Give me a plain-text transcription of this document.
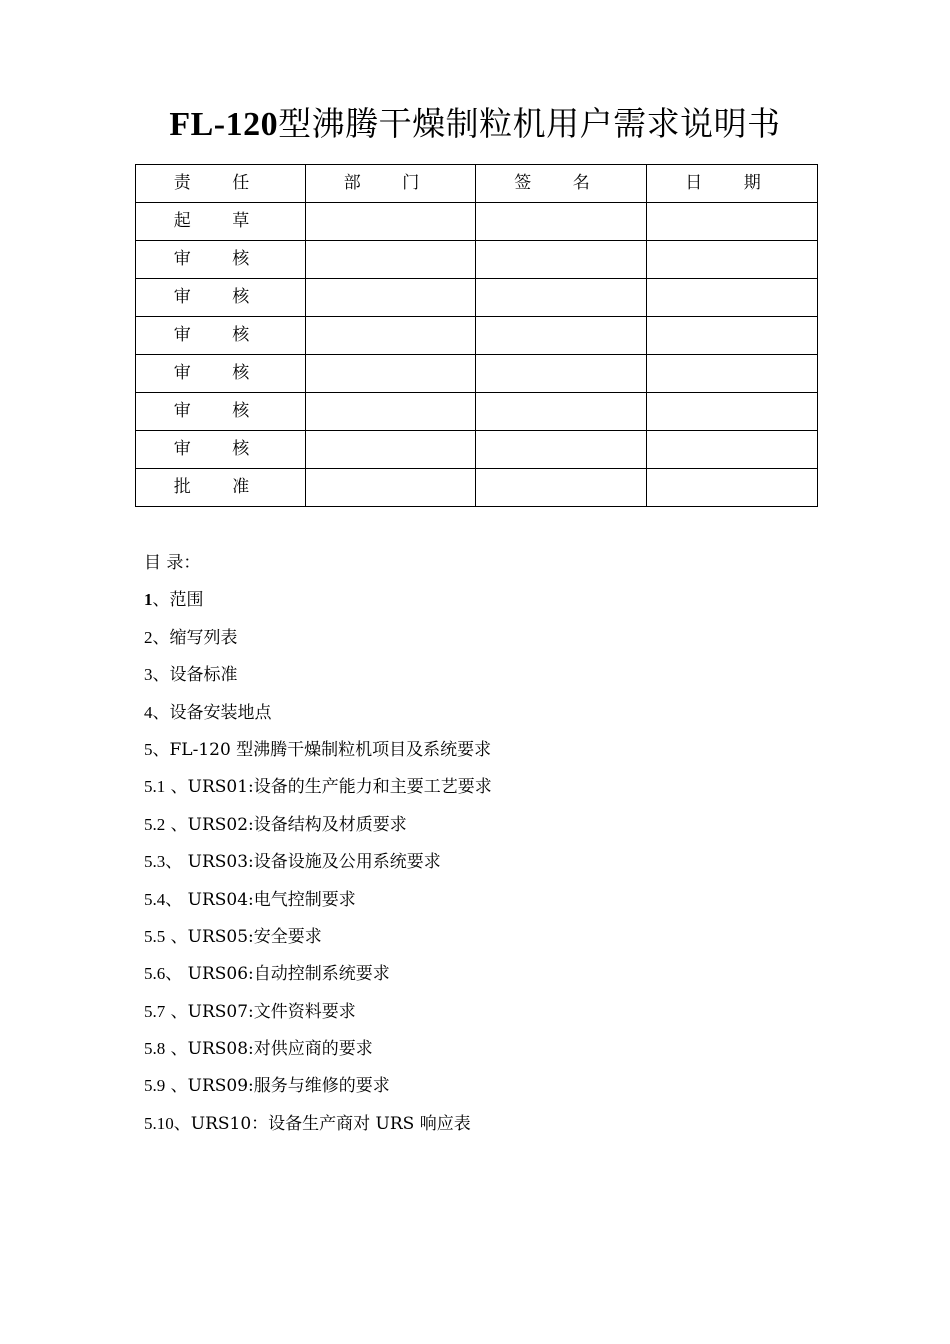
FL-120型沸腾干燥制粒机用户需求说明书
责 任	部 门	签 名	日 期
起 草			
审 核			
审 核			
审 核			
审 核			
审 核			
审 核			
批 准			
目 录：
1、范围
2、缩写列表
3、设备标准
4、设备安装地点
5、FL-120 型沸腾干燥制粒机项目及系统要求
5.1 、URS01:设备的生产能力和主要工艺要求
5.2 、URS02:设备结构及材质要求
5.3、 URS03:设备设施及公用系统要求
5.4、 URS04:电气控制要求
5.5 、URS05:安全要求
5.6、 URS06:自动控制系统要求
5.7 、URS07:文件资料要求
5.8 、URS08:对供应商的要求
5.9 、URS09:服务与维修的要求
5.10、URS10：设备生产商对 URS 响应表
